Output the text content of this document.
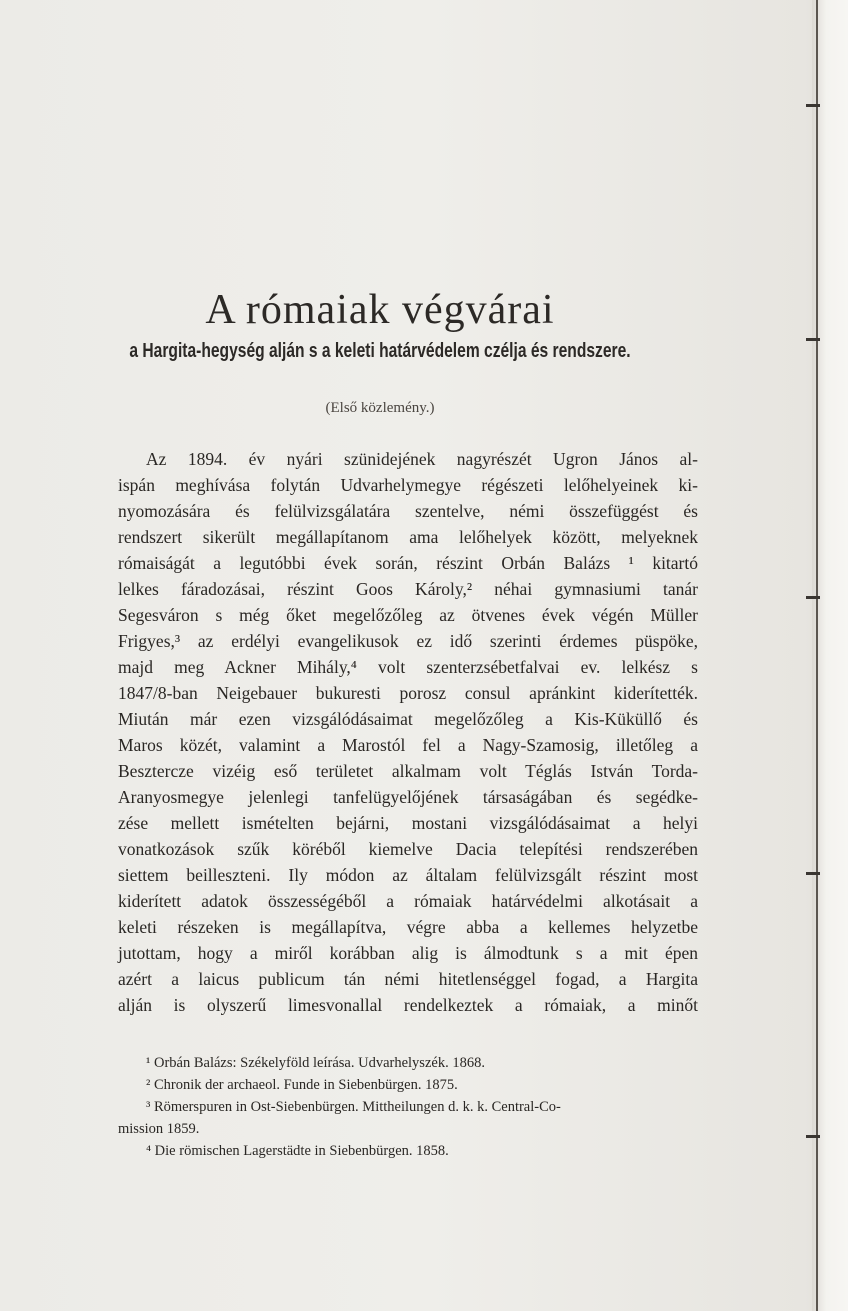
A rómaiak végvárai
a Hargita-hegység alján s a keleti határvédelem czélja és rendszere.
(Első közlemény.)
Az 1894. év nyári szünidejének nagyrészét Ugron János al-
ispán meghívása folytán Udvarhelymegye régészeti lelőhelyeinek ki-
nyomozására és felülvizsgálatára szentelve, némi összefüggést és
rendszert sikerült megállapítanom ama lelőhelyek között, melyeknek
rómaiságát a legutóbbi évek során, részint Orbán Balázs ¹ kitartó
lelkes fáradozásai, részint Goos Károly,² néhai gymnasiumi tanár
Segesváron s még őket megelőzőleg az ötvenes évek végén Müller
Frigyes,³ az erdélyi evangelikusok ez idő szerinti érdemes püspöke,
majd meg Ackner Mihály,⁴ volt szenterzsébetfalvai ev. lelkész s
1847/8-ban Neigebauer bukuresti porosz consul apránkint kiderítették.
Miután már ezen vizsgálódásaimat megelőzőleg a Kis-Küküllő és
Maros közét, valamint a Marostól fel a Nagy-Szamosig, illetőleg a
Besztercze vizéig eső területet alkalmam volt Téglás István Torda-
Aranyosmegye jelenlegi tanfelügyelőjének társaságában és segédke-
zése mellett ismételten bejárni, mostani vizsgálódásaimat a helyi
vonatkozások szűk köréből kiemelve Dacia telepítési rendszerében
siettem beilleszteni. Ily módon az általam felülvizsgált részint most
kiderített adatok összességéből a rómaiak határvédelmi alkotásait a
keleti részeken is megállapítva, végre abba a kellemes helyzetbe
jutottam, hogy a miről korábban alig is álmodtunk s a mit épen
azért a laicus publicum tán némi hitetlenséggel fogad, a Hargita
alján is olyszerű limesvonallal rendelkeztek a rómaiak, a minőt
¹ Orbán Balázs: Székelyföld leírása. Udvarhelyszék. 1868.
² Chronik der archaeol. Funde in Siebenbürgen. 1875.
³ Römerspuren in Ost-Siebenbürgen. Mittheilungen d. k. k. Central-Co-
mission 1859.
⁴ Die römischen Lagerstädte in Siebenbürgen. 1858.
